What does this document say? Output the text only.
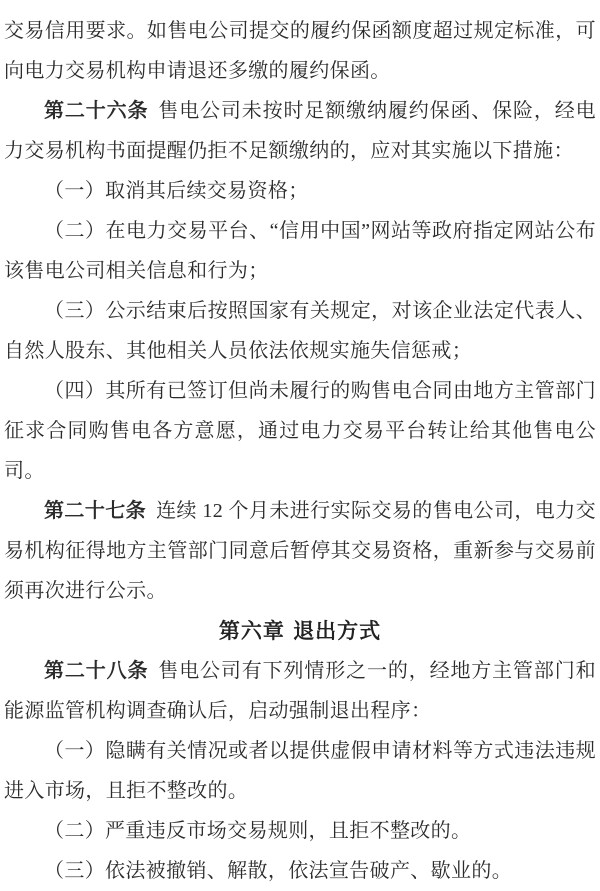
交易信用要求。如售电公司提交的履约保函额度超过规定标准，可向电力交易机构申请退还多缴的履约保函。

第二十六条 售电公司未按时足额缴纳履约保函、保险，经电力交易机构书面提醒仍拒不足额缴纳的，应对其实施以下措施：

（一）取消其后续交易资格；

（二）在电力交易平台、“信用中国”网站等政府指定网站公布该售电公司相关信息和行为；

（三）公示结束后按照国家有关规定，对该企业法定代表人、自然人股东、其他相关人员依法依规实施失信惩戒；

（四）其所有已签订但尚未履行的购售电合同由地方主管部门征求合同购售电各方意愿，通过电力交易平台转让给其他售电公司。

第二十七条 连续 12 个月未进行实际交易的售电公司，电力交易机构征得地方主管部门同意后暂停其交易资格，重新参与交易前须再次进行公示。

第六章 退出方式

第二十八条 售电公司有下列情形之一的，经地方主管部门和能源监管机构调查确认后，启动强制退出程序：

（一）隐瞒有关情况或者以提供虚假申请材料等方式违法违规进入市场，且拒不整改的。

（二）严重违反市场交易规则，且拒不整改的。

（三）依法被撤销、解散，依法宣告破产、歇业的。
